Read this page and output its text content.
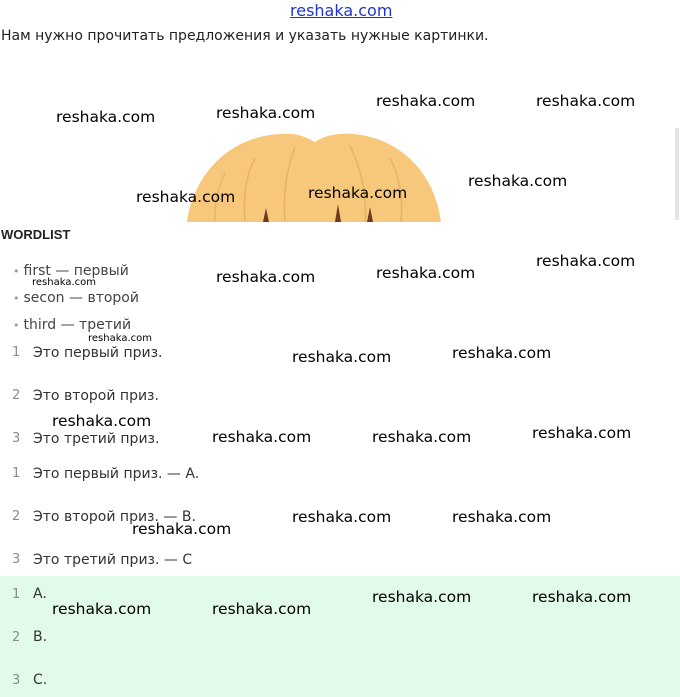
reshaka.com
Нам нужно прочитать предложения и указать нужные картинки.
WORDLIST
• first — первый
• secon — второй
• third — третий
1 Это первый приз.
2 Это второй приз.
3 Это третий приз.
1 Это первый приз. — A.
2 Это второй приз. — B.
3 Это третий приз. — C
1 A.
2 B.
3 C.
reshaka.com	reshaka.com
reshaka.com	reshaka.com
reshaka.com	reshaka.com
reshaka.com
reshaka.com	reshaka.com
reshaka.com
reshaka.com
reshaka.com
reshaka.com	reshaka.com
reshaka.com
reshaka.com	reshaka.com	reshaka.com
reshaka.com
reshaka.com	reshaka.com
reshaka.com	reshaka.com
reshaka.com	reshaka.com
